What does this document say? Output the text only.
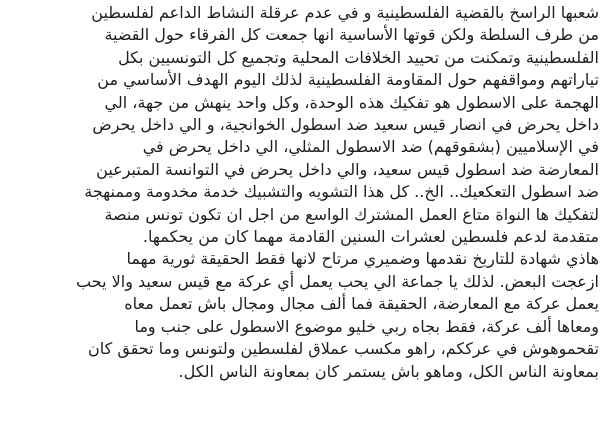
شعبها الراسخ بالقضية الفلسطينية و في عدم عرقلة النشاط الداعم لفلسطين
من طرف السلطة ولكن قوتها الأساسية انها جمعت كل الفرقاء حول القضية
الفلسطينية وتمكنت من تحييد الخلافات المحلية وتجميع كل التونسيين بكل
تياراتهم ومواقفهم حول المقاومة الفلسطينية لذلك اليوم الهدف الأساسي من
الهجمة على الاسطول هو تفكيك هذه الوحدة، وكل واحد ينهش من جهة، الي
داخل يحرض في انصار قيس سعيد ضد اسطول الخوانجية، و الي داخل يحرض
في الإسلاميين (بشقوقهم) ضد الاسطول المثلي، الي داخل يحرض في
المعارضة ضد اسطول قيس سعيد، والي داخل يحرض في التوانسة المتبرعين
ضد اسطول التعكعيك.. الخ.. كل هذا التشويه والتشبيك خدمة مخدومة وممنهجة
لتفكيك ها النواة متاع العمل المشترك الواسع من اجل ان تكون تونس منصة
متقدمة لدعم فلسطين لعشرات السنين القادمة مهما كان من يحكمها.
هاذي شهادة للتاريخ نقدمها وضميري مرتاح لانها فقط الحقيقة ثورية مهما
ازعجت البعض. لذلك يا جماعة الي يحب يعمل أي عركة مع قيس سعيد والا يحب
يعمل عركة مع المعارضة، الحقيقة فما ألف مجال ومجال باش تعمل معاه
ومعاها ألف عركة، فقط بجاه ربي خليو موضوع الاسطول على جنب وما
تقحموهوش في عرككم، راهو مكسب عملاق لفلسطين ولتونس وما تحقق كان
بمعاونة الناس الكل، وماهو باش يستمر كان بمعاونة الناس الكل.
